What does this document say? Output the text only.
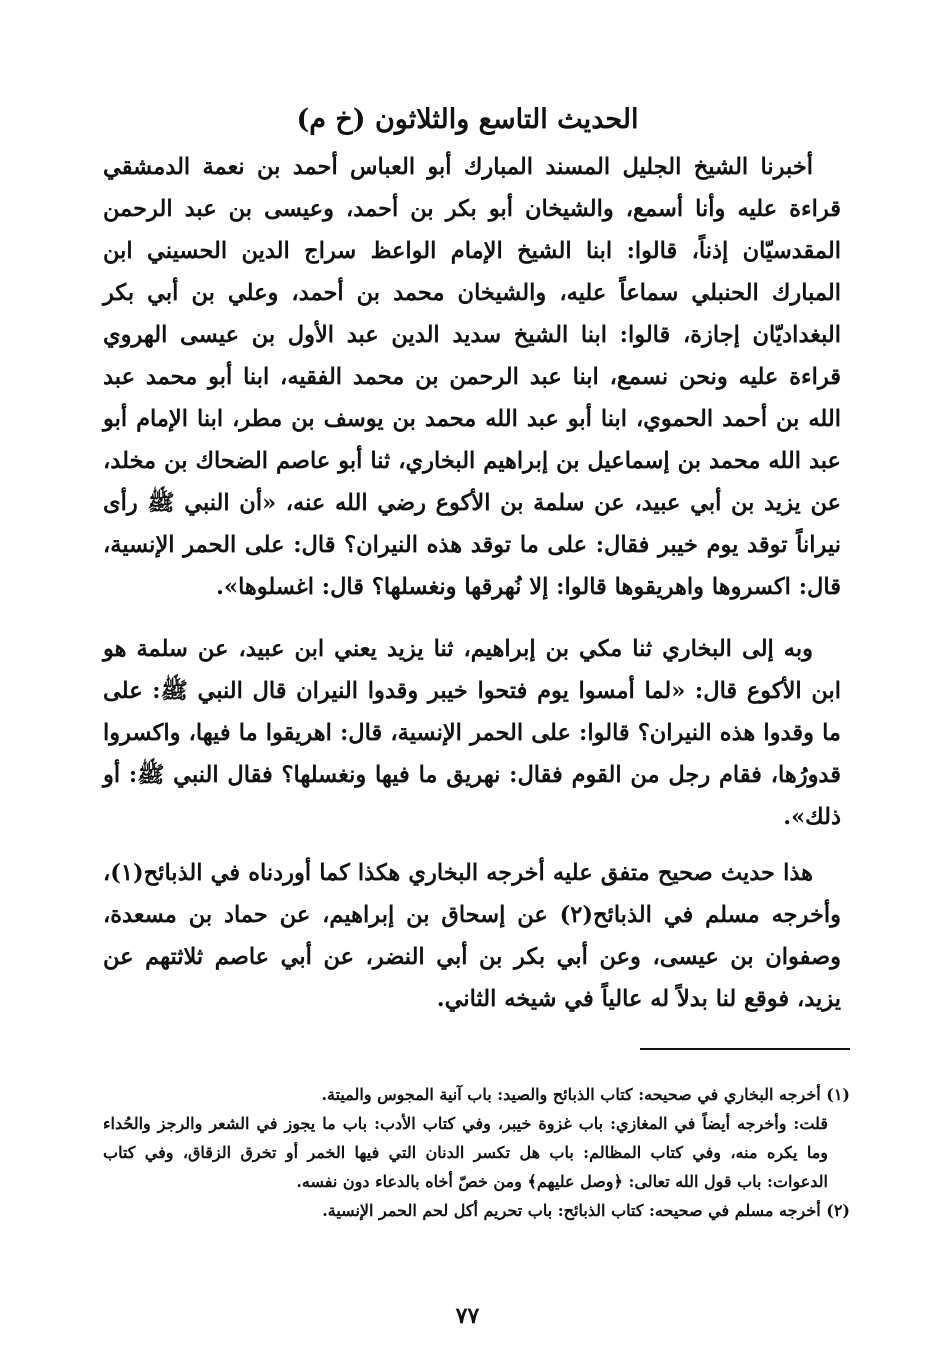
الحديث التاسع والثلاثون (خ م)

أخبرنا الشيخ الجليل المسند المبارك أبو العباس أحمد بن نعمة الدمشقي قراءة عليه وأنا أسمع، والشيخان أبو بكر بن أحمد، وعيسى بن عبد الرحمن المقدسيّان إذناً، قالوا: ابنا الشيخ الإمام الواعظ سراج الدين الحسيني ابن المبارك الحنبلي سماعاً عليه، والشيخان محمد بن أحمد، وعلي بن أبي بكر البغداديّان إجازة، قالوا: ابنا الشيخ سديد الدين عبد الأول بن عيسى الهروي قراءة عليه ونحن نسمع، ابنا عبد الرحمن بن محمد الفقيه، ابنا أبو محمد عبد الله بن أحمد الحموي، ابنا أبو عبد الله محمد بن يوسف بن مطر، ابنا الإمام أبو عبد الله محمد بن إسماعيل بن إبراهيم البخاري، ثنا أبو عاصم الضحاك بن مخلد، عن يزيد بن أبي عبيد، عن سلمة بن الأكوع رضي الله عنه، «أن النبي ﷺ رأى نيراناً توقد يوم خيبر فقال: على ما توقد هذه النيران؟ قال: على الحمر الإنسية، قال: اكسروها واهريقوها قالوا: إلا نُهرقها ونغسلها؟ قال: اغسلوها».

وبه إلى البخاري ثنا مكي بن إبراهيم، ثنا يزيد يعني ابن عبيد، عن سلمة هو ابن الأكوع قال: «لما أمسوا يوم فتحوا خيبر وقدوا النيران قال النبي ﷺ: على ما وقدوا هذه النيران؟ قالوا: على الحمر الإنسية، قال: اهريقوا ما فيها، واكسروا قدورُها، فقام رجل من القوم فقال: نهريق ما فيها ونغسلها؟ فقال النبي ﷺ: أو ذلك».

هذا حديث صحيح متفق عليه أخرجه البخاري هكذا كما أوردناه في الذبائح(١)، وأخرجه مسلم في الذبائح(٢) عن إسحاق بن إبراهيم، عن حماد بن مسعدة، وصفوان بن عيسى، وعن أبي بكر بن أبي النضر، عن أبي عاصم ثلاثتهم عن يزيد، فوقع لنا بدلاً له عالياً في شيخه الثاني.

(١) أخرجه البخاري في صحيحه: كتاب الذبائح والصيد: باب آنية المجوس والميتة.

قلت: وأخرجه أيضاً في المغازي: باب غزوة خيبر، وفي كتاب الأدب: باب ما يجوز في الشعر والرجز والحُداء وما يكره منه، وفي كتاب المظالم: باب هل تكسر الدنان التي فيها الخمر أو تخرق الزقاق، وفي كتاب الدعوات: باب قول الله تعالى: ﴿وصل عليهم﴾ ومن خصّ أخاه بالدعاء دون نفسه.

(٢) أخرجه مسلم في صحيحه: كتاب الذبائح: باب تحريم أكل لحم الحمر الإنسية.

٧٧
